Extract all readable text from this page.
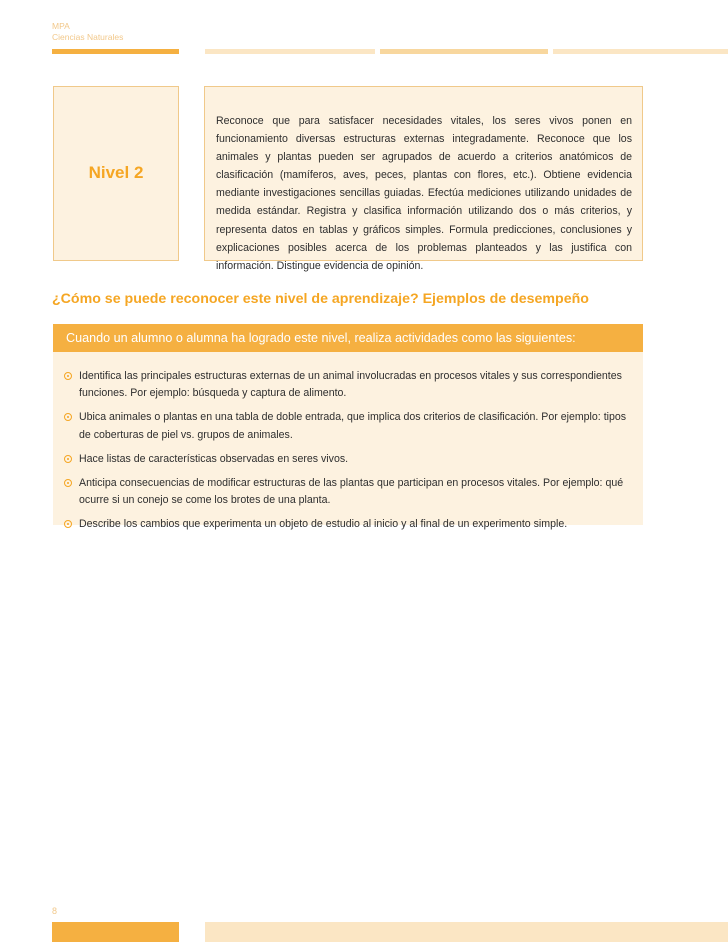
MPA
Ciencias Naturales
Nivel 2
Reconoce que para satisfacer necesidades vitales, los seres vivos ponen en funcionamiento diversas estructuras externas integradamente. Reconoce que los animales y plantas pueden ser agrupados de acuerdo a criterios anatómicos de clasificación (mamíferos, aves, peces, plantas con flores, etc.). Obtiene evidencia mediante investigaciones sencillas guiadas. Efectúa mediciones utilizando unidades de medida estándar. Registra y clasifica información utilizando dos o más criterios, y representa datos en tablas y gráficos simples. Formula predicciones, conclusiones y explicaciones posibles acerca de los problemas planteados y las justifica con información. Distingue evidencia de opinión.
¿Cómo se puede reconocer este nivel de aprendizaje? Ejemplos de desempeño
Cuando un alumno o alumna ha logrado este nivel, realiza actividades como las siguientes:
Identifica las principales estructuras externas de un animal involucradas en procesos vitales y sus correspondientes funciones. Por ejemplo: búsqueda y captura de alimento.
Ubica animales o plantas en una tabla de doble entrada, que implica dos criterios de clasificación. Por ejemplo: tipos de coberturas de piel vs. grupos de animales.
Hace listas de características observadas en seres vivos.
Anticipa consecuencias de modificar estructuras de las plantas que participan en procesos vitales. Por ejemplo: qué ocurre si un conejo se come los brotes de una planta.
Describe los cambios que experimenta un objeto de estudio al inicio y al final de un experimento simple.
8
